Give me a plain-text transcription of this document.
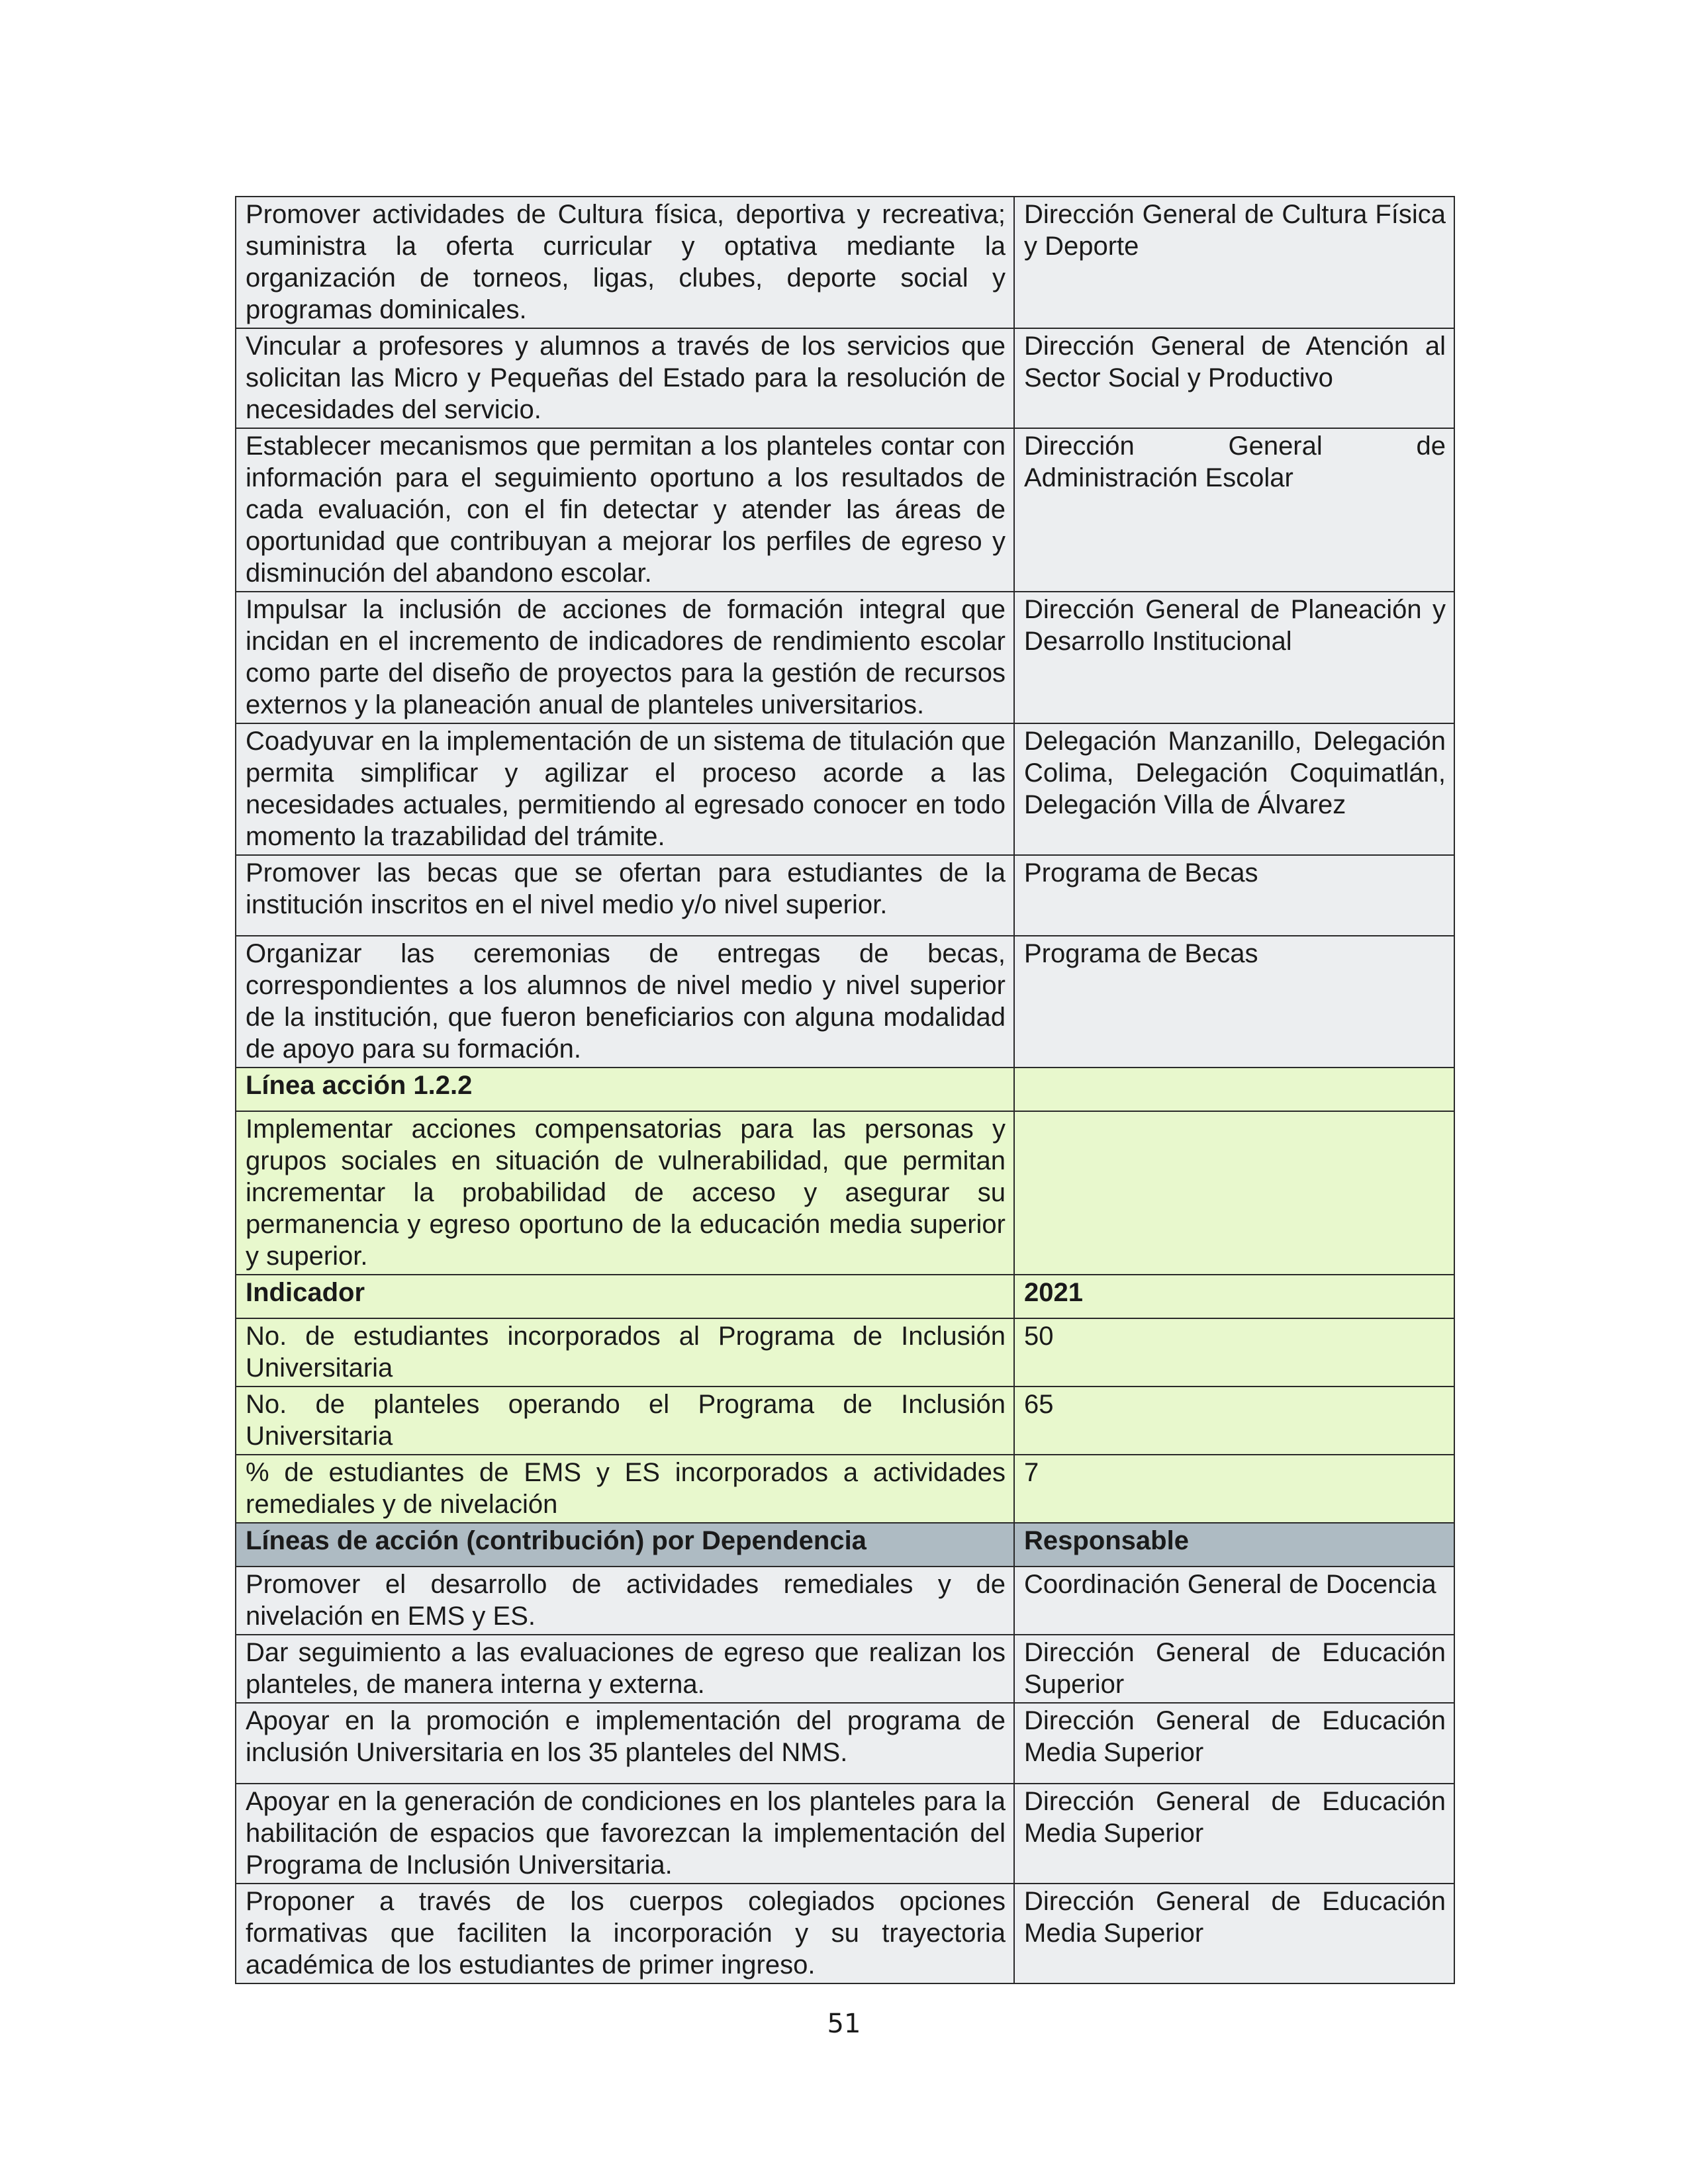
Promover actividades de Cultura física, deportiva y recreativa; suministra la oferta curricular y optativa mediante la organización de torneos, ligas, clubes, deporte social y programas dominicales.	Dirección General de Cultura Física y Deporte
Vincular a profesores y alumnos a través de los servicios que solicitan las Micro y Pequeñas del Estado para la resolución de necesidades del servicio.	Dirección General de Atención al Sector Social y Productivo
Establecer mecanismos que permitan a los planteles contar con información para el seguimiento oportuno a los resultados de cada evaluación, con el fin detectar y atender las áreas de oportunidad que contribuyan a mejorar los perfiles de egreso y disminución del abandono escolar.	Dirección General de Administración Escolar
Impulsar la inclusión de acciones de formación integral que incidan en el incremento de indicadores de rendimiento escolar como parte del diseño de proyectos para la gestión de recursos externos y la planeación anual de planteles universitarios.	Dirección General de Planeación y Desarrollo Institucional
Coadyuvar en la implementación de un sistema de titulación que permita simplificar y agilizar el proceso acorde a las necesidades actuales, permitiendo al egresado conocer en todo momento la trazabilidad del trámite.	Delegación Manzanillo, Delegación Colima, Delegación Coquimatlán, Delegación Villa de Álvarez
Promover las becas que se ofertan para estudiantes de la institución inscritos en el nivel medio y/o nivel superior.	Programa de Becas
Organizar las ceremonias de entregas de becas, correspondientes a los alumnos de nivel medio y nivel superior de la institución, que fueron beneficiarios con alguna modalidad de apoyo para su formación.	Programa de Becas
Línea acción 1.2.2	
Implementar acciones compensatorias para las personas y grupos sociales en situación de vulnerabilidad, que permitan incrementar la probabilidad de acceso y asegurar su permanencia y egreso oportuno de la educación media superior y superior.	
Indicador	2021
No. de estudiantes incorporados al Programa de Inclusión Universitaria	50
No. de planteles operando el Programa de Inclusión Universitaria	65
% de estudiantes de EMS y ES incorporados a actividades remediales y de nivelación	7
Líneas de acción (contribución) por Dependencia	Responsable
Promover el desarrollo de actividades remediales y de nivelación en EMS y ES.	Coordinación General de Docencia
Dar seguimiento a las evaluaciones de egreso que realizan los planteles, de manera interna y externa.	Dirección General de Educación Superior
Apoyar en la promoción e implementación del programa de inclusión Universitaria en los 35 planteles del NMS.	Dirección General de Educación Media Superior
Apoyar en la generación de condiciones en los planteles para la habilitación de espacios que favorezcan la implementación del Programa de Inclusión Universitaria.	Dirección General de Educación Media Superior
Proponer a través de los cuerpos colegiados opciones formativas que faciliten la incorporación y su trayectoria académica de los estudiantes de primer ingreso.	Dirección General de Educación Media Superior
51
